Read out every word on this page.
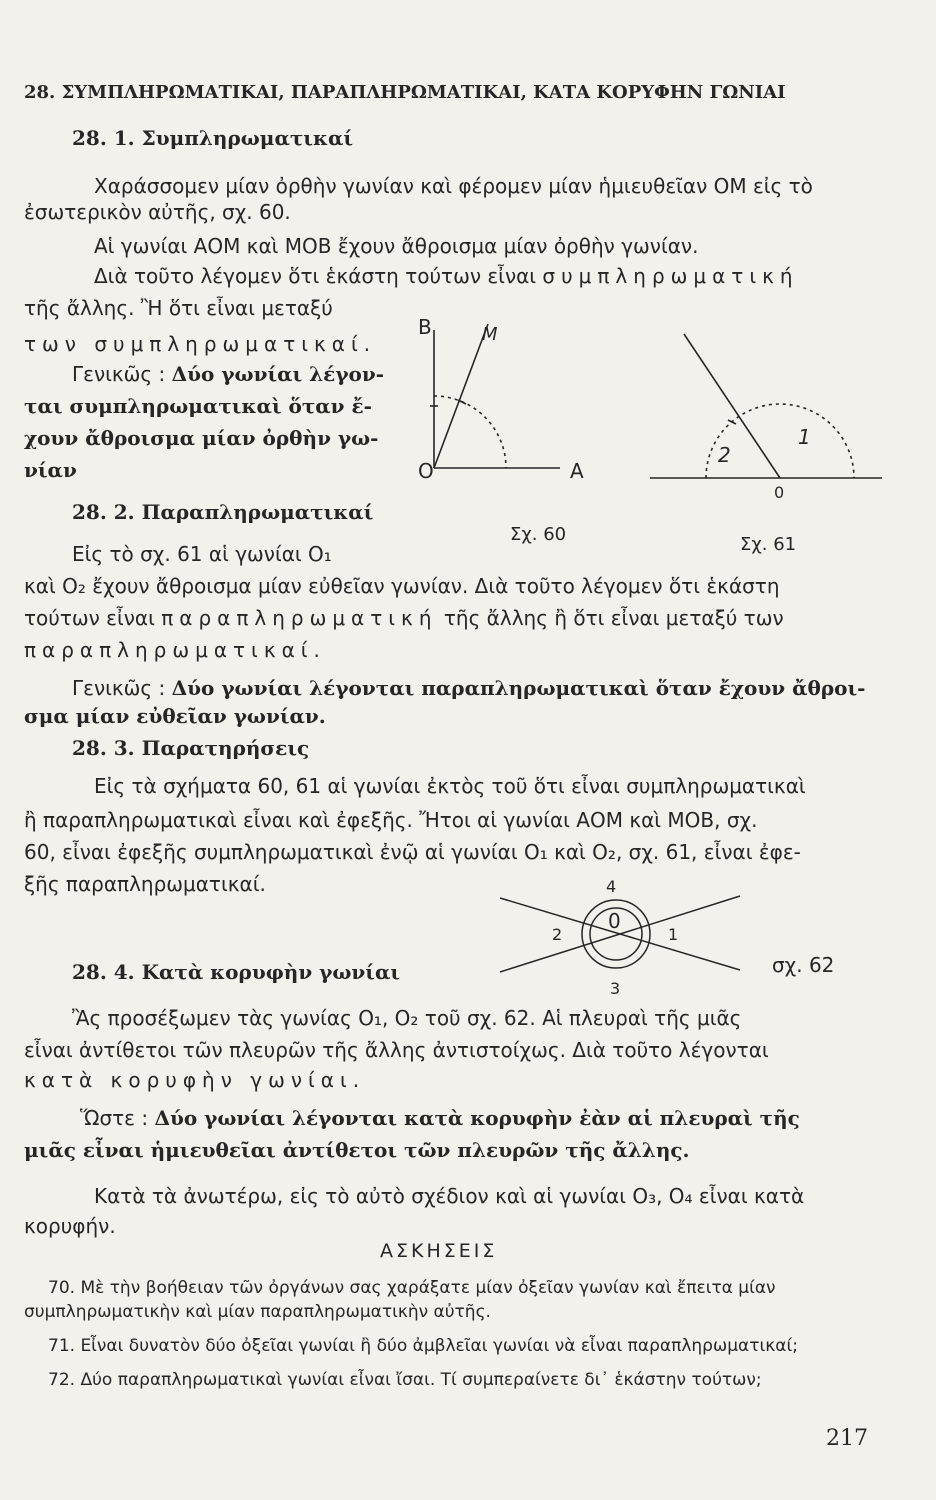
28. ΣΥΜΠΛΗΡΩΜΑΤΙΚΑΙ, ΠΑΡΑΠΛΗΡΩΜΑΤΙΚΑΙ, ΚΑΤΑ ΚΟΡΥΦΗΝ ΓΩΝΙΑΙ
28. 1. Συμπληρωματικαί
Χαράσσομεν μίαν ὀρθὴν γωνίαν καὶ φέρομεν μίαν ἡμιευθεῖαν ΟΜ εἰς τὸ
ἐσωτερικὸν αὐτῆς, σχ. 60.
Αἱ γωνίαι ΑΟΜ καὶ ΜΟΒ ἔχουν ἄθροισμα μίαν ὀρθὴν γωνίαν.
Διὰ τοῦτο λέγομεν ὅτι ἑκάστη τούτων εἶναι συμπληρωματική
τῆς ἄλλης. Ἢ ὅτι εἶναι μεταξύ
των συμπληρωματικαί.
Γενικῶς : Δύο γωνίαι λέγον-
ται συμπληρωματικαὶ ὅταν ἔ-
χουν ἄθροισμα μίαν ὀρθὴν γω-
νίαν
B	M
O	A
Σχ. 60
2
1
0
Σχ. 61
28. 2. Παραπληρωματικαί
Εἰς τὸ σχ. 61 αἱ γωνίαι Ο₁
καὶ Ο₂ ἔχουν ἄθροισμα μίαν εὐθεῖαν γωνίαν. Διὰ τοῦτο λέγομεν ὅτι ἑκάστη
τούτων εἶναι παραπληρωματική τῆς ἄλλης ἢ ὅτι εἶναι μεταξύ των
παραπληρωματικαί.
Γενικῶς : Δύο γωνίαι λέγονται παραπληρωματικαὶ ὅταν ἔχουν ἄθροι-
σμα μίαν εὐθεῖαν γωνίαν.
28. 3. Παρατηρήσεις
Εἰς τὰ σχήματα 60, 61 αἱ γωνίαι ἐκτὸς τοῦ ὅτι εἶναι συμπληρωματικαὶ
ἢ παραπληρωματικαὶ εἶναι καὶ ἐφεξῆς. Ἤτοι αἱ γωνίαι ΑΟΜ καὶ ΜΟΒ, σχ.
60, εἶναι ἐφεξῆς συμπληρωματικαὶ ἐνῷ αἱ γωνίαι Ο₁ καὶ Ο₂, σχ. 61, εἶναι ἐφε-
ξῆς παραπληρωματικαί.	4
0
2	1
3
σχ. 62
28. 4. Κατὰ κορυφὴν γωνίαι
Ἂς προσέξωμεν τὰς γωνίας Ο₁, Ο₂ τοῦ σχ. 62. Αἱ πλευραὶ τῆς μιᾶς
εἶναι ἀντίθετοι τῶν πλευρῶν τῆς ἄλλης ἀντιστοίχως. Διὰ τοῦτο λέγονται
κατὰ κορυφὴν γωνίαι.
Ὥστε : Δύο γωνίαι λέγονται κατὰ κορυφὴν ἐὰν αἱ πλευραὶ τῆς
μιᾶς εἶναι ἡμιευθεῖαι ἀντίθετοι τῶν πλευρῶν τῆς ἄλλης.
Κατὰ τὰ ἀνωτέρω, εἰς τὸ αὐτὸ σχέδιον καὶ αἱ γωνίαι Ο₃, Ο₄ εἶναι κατὰ
κορυφήν.
ΑΣΚΗΣΕΙΣ
70. Μὲ τὴν βοήθειαν τῶν ὀργάνων σας χαράξατε μίαν ὀξεῖαν γωνίαν καὶ ἔπειτα μίαν
συμπληρωματικὴν καὶ μίαν παραπληρωματικὴν αὐτῆς.
71. Εἶναι δυνατὸν δύο ὀξεῖαι γωνίαι ἢ δύο ἀμβλεῖαι γωνίαι νὰ εἶναι παραπληρωματικαί;
72. Δύο παραπληρωματικαὶ γωνίαι εἶναι ἴσαι. Τί συμπεραίνετε δι᾽ ἑκάστην τούτων;
217
